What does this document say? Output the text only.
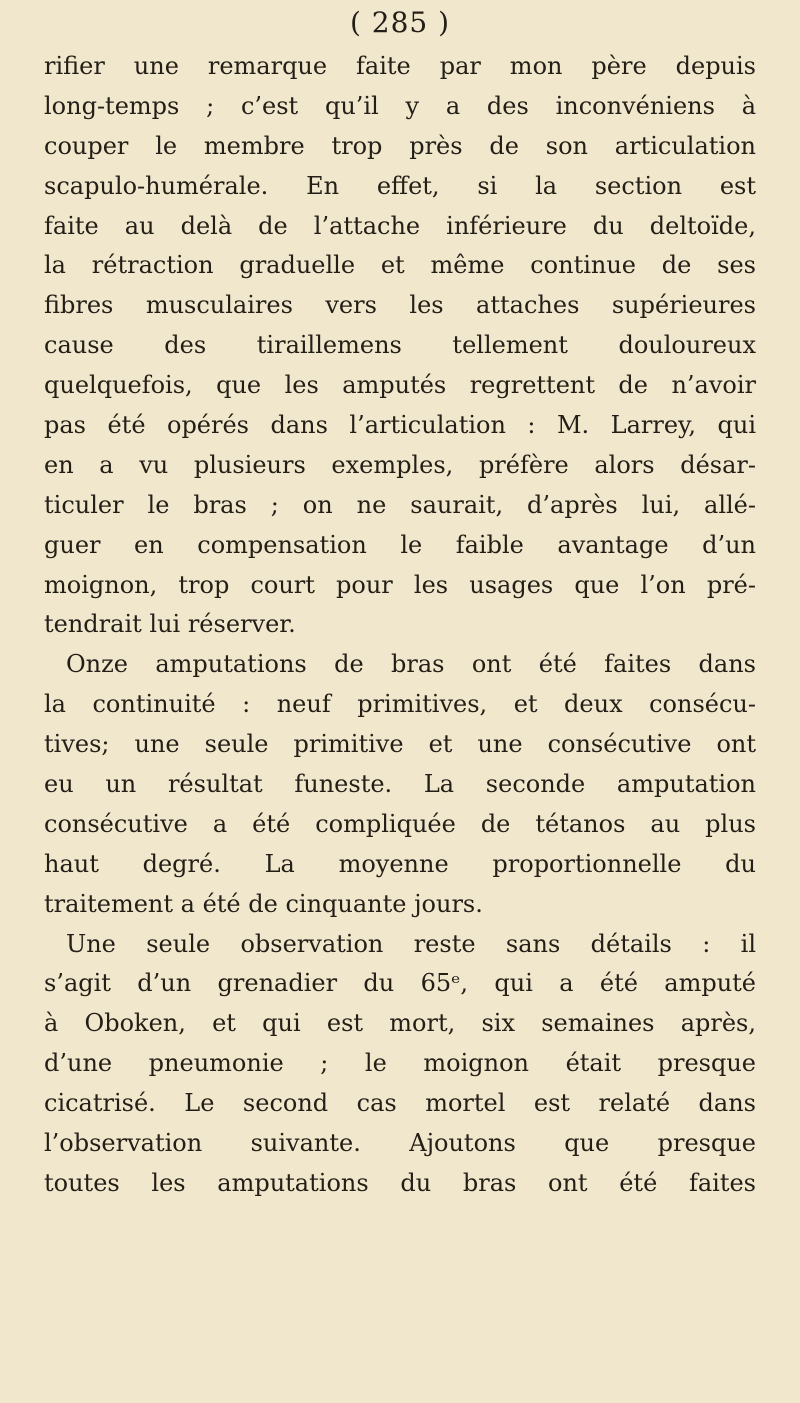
( 285 )
rifier une remarque faite par mon père depuis
long-temps ; c’est qu’il y a des inconvéniens à
couper le membre trop près de son articulation
scapulo-humérale. En effet, si la section est
faite au delà de l’attache inférieure du deltoïde,
la rétraction graduelle et même continue de ses
fibres musculaires vers les attaches supérieures
cause des tiraillemens tellement douloureux
quelquefois, que les amputés regrettent de n’avoir
pas été opérés dans l’articulation : M. Larrey, qui
en a vu plusieurs exemples, préfère alors désar-
ticuler le bras ; on ne saurait, d’après lui, allé-
guer en compensation le faible avantage d’un
moignon, trop court pour les usages que l’on pré-
tendrait lui réserver.
Onze amputations de bras ont été faites dans
la continuité : neuf primitives, et deux consécu-
tives; une seule primitive et une consécutive ont
eu un résultat funeste. La seconde amputation
consécutive a été compliquée de tétanos au plus
haut degré. La moyenne proportionnelle du
traitement a été de cinquante jours.
Une seule observation reste sans détails : il
s’agit d’un grenadier du 65ᵉ, qui a été amputé
à Oboken, et qui est mort, six semaines après,
d’une pneumonie ; le moignon était presque
cicatrisé. Le second cas mortel est relaté dans
l’observation suivante. Ajoutons que presque
toutes les amputations du bras ont été faites
